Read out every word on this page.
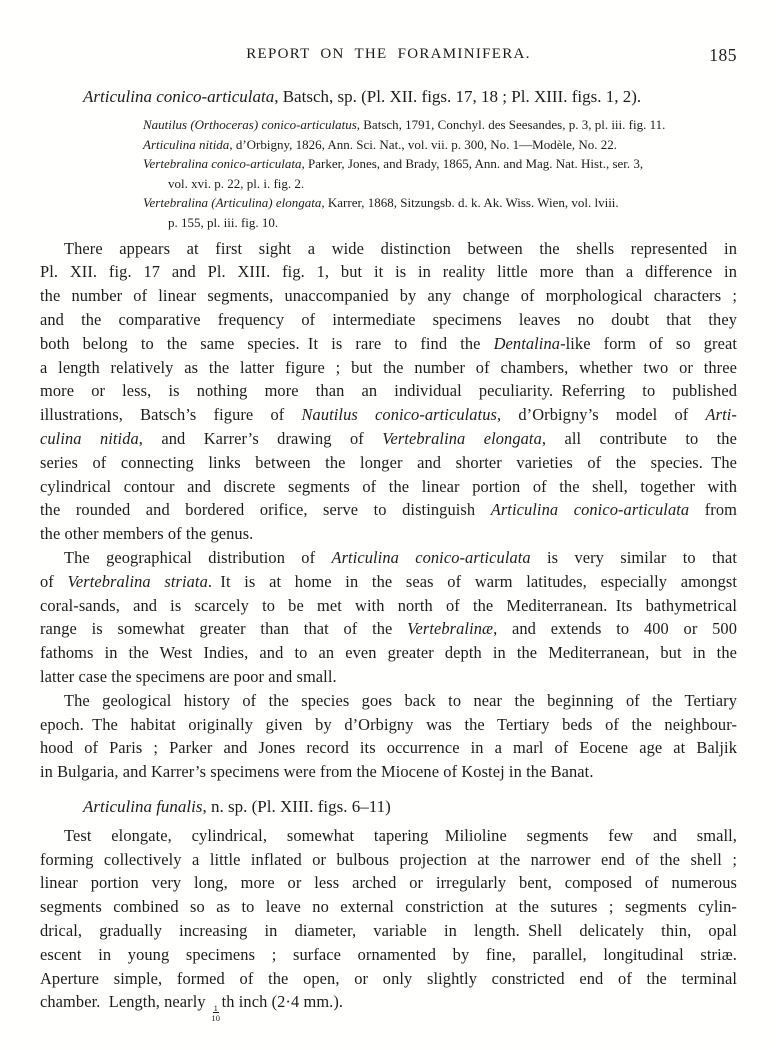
REPORT ON THE FORAMINIFERA.	185
Articulina conico-articulata, Batsch, sp. (Pl. XII. figs. 17, 18 ; Pl. XIII. figs. 1, 2).
Nautilus (Orthoceras) conico-articulatus, Batsch, 1791, Conchyl. des Seesandes, p. 3, pl. iii. fig. 11.
Articulina nitida, d’Orbigny, 1826, Ann. Sci. Nat., vol. vii. p. 300, No. 1—Modèle, No. 22.
Vertebralina conico-articulata, Parker, Jones, and Brady, 1865, Ann. and Mag. Nat. Hist., ser. 3,
vol. xvi. p. 22, pl. i. fig. 2.
Vertebralina (Articulina) elongata, Karrer, 1868, Sitzungsb. d. k. Ak. Wiss. Wien, vol. lviii.
p. 155, pl. iii. fig. 10.
There appears at first sight a wide distinction between the shells represented in
Pl. XII. fig. 17 and Pl. XIII. fig. 1, but it is in reality little more than a difference in
the number of linear segments, unaccompanied by any change of morphological characters ;
and the comparative frequency of intermediate specimens leaves no doubt that they
both belong to the same species. It is rare to find the Dentalina-like form of so great
a length relatively as the latter figure ; but the number of chambers, whether two or three
more or less, is nothing more than an individual peculiarity. Referring to published
illustrations, Batsch’s figure of Nautilus conico-articulatus, d’Orbigny’s model of Arti-
culina nitida, and Karrer’s drawing of Vertebralina elongata, all contribute to the
series of connecting links between the longer and shorter varieties of the species. The
cylindrical contour and discrete segments of the linear portion of the shell, together with
the rounded and bordered orifice, serve to distinguish Articulina conico-articulata from
the other members of the genus.
The geographical distribution of Articulina conico-articulata is very similar to that
of Vertebralina striata. It is at home in the seas of warm latitudes, especially amongst
coral-sands, and is scarcely to be met with north of the Mediterranean. Its bathymetrical
range is somewhat greater than that of the Vertebralinæ, and extends to 400 or 500
fathoms in the West Indies, and to an even greater depth in the Mediterranean, but in the
latter case the specimens are poor and small.
The geological history of the species goes back to near the beginning of the Tertiary
epoch. The habitat originally given by d’Orbigny was the Tertiary beds of the neighbour-
hood of Paris ; Parker and Jones record its occurrence in a marl of Eocene age at Baljik
in Bulgaria, and Karrer’s specimens were from the Miocene of Kostej in the Banat.
Articulina funalis, n. sp. (Pl. XIII. figs. 6–11)
Test elongate, cylindrical, somewhat tapering Milioline segments few and small,
forming collectively a little inflated or bulbous projection at the narrower end of the shell ;
linear portion very long, more or less arched or irregularly bent, composed of numerous
segments combined so as to leave no external constriction at the sutures ; segments cylin-
drical, gradually increasing in diameter, variable in length. Shell delicately thin, opal
escent in young specimens ; surface ornamented by fine, parallel, longitudinal striæ.
Aperture simple, formed of the open, or only slightly constricted end of the terminal
chamber. Length, nearly
$\frac{1}{10}$
th inch (2·4 mm.).
